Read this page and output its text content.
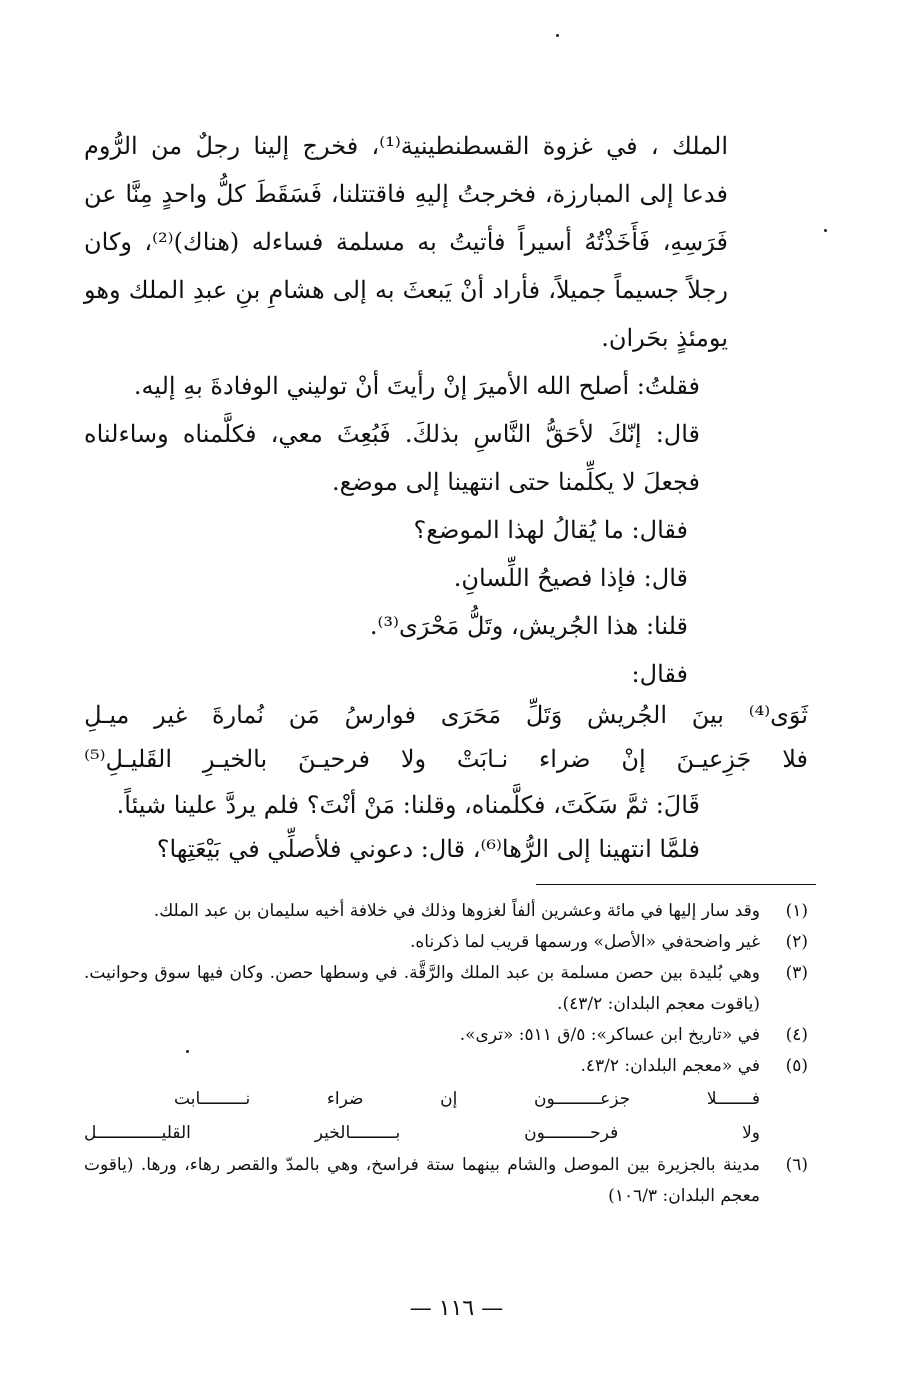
الملك ، في غزوة القسطنطينية⁽¹⁾، فخرج إلينا رجلٌ من الرُّوم فدعا إلى المبارزة، فخرجتُ إليهِ فاقتتلنا، فَسَقَطَ كلُّ واحدٍ مِنَّا عن فَرَسِهِ، فَأَخَذْتُهُ أسيراً فأتيتُ به مسلمة فساءله (هناك)⁽²⁾، وكان رجلاً جسيماً جميلاً، فأراد أنْ يَبعثَ به إلى هشامِ بنِ عبدِ الملك وهو يومئذٍ بحَران.

فقلتُ: أصلح الله الأميرَ إنْ رأيتَ أنْ توليني الوفادةَ بهِ إليه.

قال: إنّكَ لأحَقُّ النَّاسِ بذلكَ. فَبُعِثَ معي، فكلَّمناه وساءلناه فجعلَ لا يكلِّمنا حتى انتهينا إلى موضع.

فقال: ما يُقالُ لهذا الموضع؟

قال: فإذا فصيحُ اللِّسانِ.

قلنا: هذا الجُريش، وتَلُّ مَحْرَى⁽³⁾.

فقال:

ثَوَى⁽⁴⁾
بينَ
الجُريش
وَتَلِّ
مَحَرَى
فوارسُ
مَن
نُمارةَ
غير
ميـلِ
فلا
جَزِعيـنَ
إنْ
ضراء
نـابَتْ
ولا
فرحيـنَ
بالخيـرِ
القَليـلِ⁽⁵⁾

قَالَ: ثمَّ سَكَتَ، فكلَّمناه، وقلنا: مَنْ أنْتَ؟ فلم يردَّ علينا شيئاً.

فلمَّا انتهينا إلى الرُّها⁽⁶⁾، قال: دعوني فلأصلِّي في بَيْعَتِها؟

(١)
وقد سار إليها في مائة وعشرين ألفاً لغزوها وذلك في خلافة أخيه سليمان بن عبد الملك.
(٢)
غير واضحةفي «الأصل» ورسمها قريب لما ذكرناه.
(٣)
وهي بُليدة بين حصن مسلمة بن عبد الملك والرَّقَّة. في وسطها حصن. وكان فيها سوق وحوانيت. (ياقوت معجم البلدان: ٤٣/٢).
(٤)
في «تاريخ ابن عساكر»: ٥/ق ٥١١: «ترى».
(٥)
في «معجم البلدان: ٤٣/٢.
فـــــــلا
جزعـــــــــون
إن
ضراء
نـــــــــابت
ولا
فرحـــــــــون
بـــــــــالخير
القليـــــــــــــل
(٦)
مدينة بالجزيرة بين الموصل والشام بينهما ستة فراسخ، وهي بالمدّ والقصر رهاء، ورها. (ياقوت معجم البلدان: ١٠٦/٣)
— ١١٦ —
